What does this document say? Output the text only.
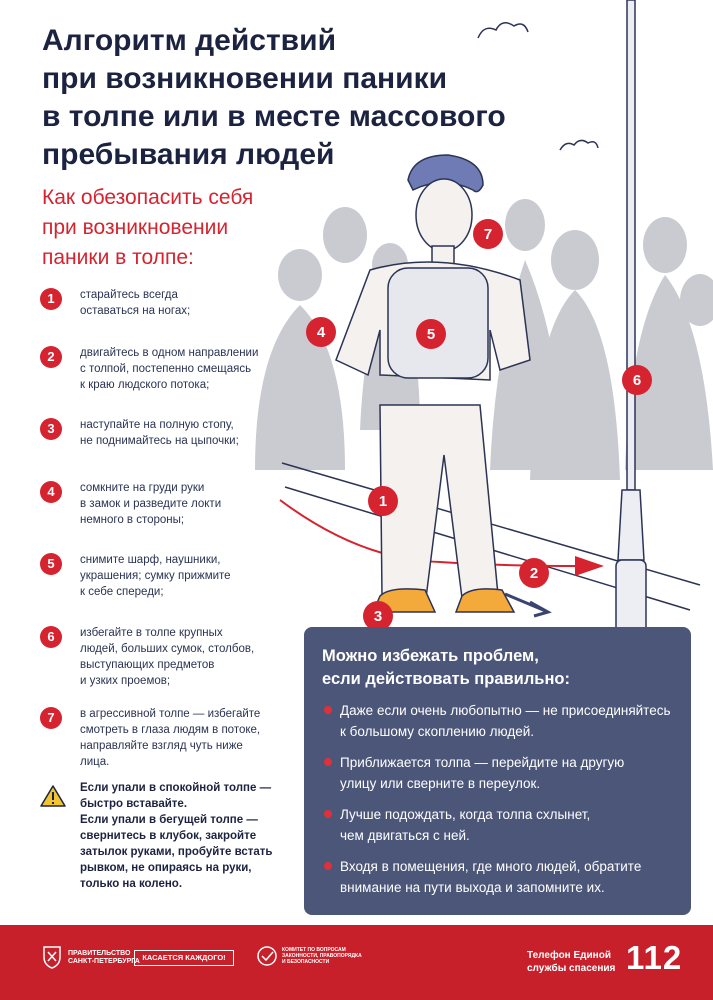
Алгоритм действий
при возникновении паники
в толпе или в месте массового
пребывания людей
Как обезопасить себя
при возникновении
паники в толпе:
1
2
3
4	5
6
7
1	старайтесь всегда
оставаться на ногах;
2	двигайтесь в одном направлении
с толпой, постепенно смещаясь
к краю людского потока;
3	наступайте на полную стопу,
не поднимайтесь на цыпочки;
4	сомкните на груди руки
в замок и разведите локти
немного в стороны;
5	снимите шарф, наушники,
украшения; сумку прижмите
к себе спереди;
6	избегайте в толпе крупных
людей, больших сумок, столбов,
выступающих предметов
и узких проемов;
7	в агрессивной толпе — избегайте
смотреть в глаза людям в потоке,
направляйте взгляд чуть ниже
лица.
Если упали в спокойной толпе —
быстро вставайте.
Если упали в бегущей толпе —
свернитесь в клубок, закройте
затылок руками, пробуйте встать
рывком, не опираясь на руки,
только на колено.
Можно избежать проблем,
если действовать правильно:
Даже если очень любопытно — не присоединяйтесь
к большому скоплению людей.
Приближается толпа — перейдите на другую
улицу или сверните в переулок.
Лучше подождать, когда толпа схлынет,
чем двигаться с ней.
Входя в помещения, где много людей, обратите
внимание на пути выхода и запомните их.
ПРАВИТЕЛЬСТВО
САНКТ-ПЕТЕРБУРГА КАСАЕТСЯ КАЖДОГО!
КОМИТЕТ ПО ВОПРОСАМ
ЗАКОННОСТИ, ПРАВОПОРЯДКА
И БЕЗОПАСНОСТИ
Телефон Единой
службы спасения 112
